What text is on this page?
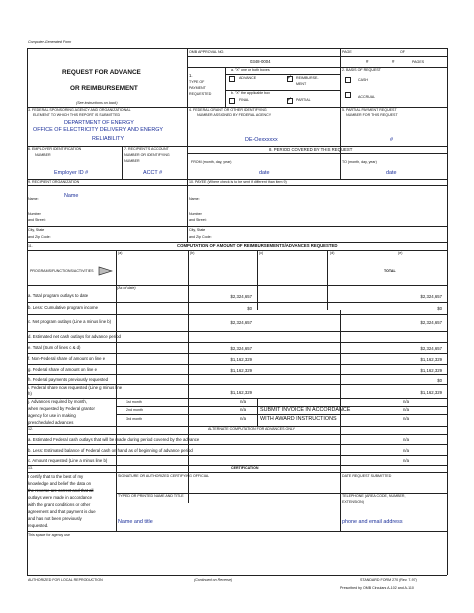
Computer-Generated Form
OMB APPROVAL NO.
0348-0004
PAGE	OF
#	#	PAGES
REQUEST FOR ADVANCE
OR REIMBURSEMENT
(See instructions on back)
1.
TYPE OF
PAYMENT
REQUESTED
a. "X" one or both boxes
ADVANCE	✓ REIMBURSE-
MENT
b. "X" the applicable box
FINAL	✓ PARTIAL
2. BASIS OF REQUEST
CASH
ACCRUAL
3. FEDERAL SPONSORING AGENCY AND ORGANIZATIONAL
ELEMENT TO WHICH THIS REPORT IS SUBMITTED
DEPARTMENT OF ENERGY
OFFICE OF ELECTRICITY DELIVERY AND ENERGY
RELIABILITY
4. FEDERAL GRANT OR OTHER IDENTIFYING
NUMBER ASSIGNED BY FEDERAL AGENCY
DE-Oexxxxxx
5. PARTIAL PAYMENT REQUEST
NUMBER FOR THIS REQUEST
#
6. EMPLOYER IDENTIFICATION
NUMBER
Employer ID #
7. RECIPIENT'S ACCOUNT
NUMBER OR IDENTIFYING
NUMBER
ACCT #
8. PERIOD COVERED BY THIS REQUEST
FROM (month, day, year)	TO (month, day, year)
date	date
9. RECIPIENT ORGANIZATION	10. PAYEE (Where check is to be sent if different than item 9)
Name:	Name
Number
and Street:
City, State
and Zip Code:
Name:
Number
and Street:
City, State
and Zip Code:
11.	COMPUTATION OF AMOUNT OF REIMBURSEMENTS/ADVANCES REQUESTED
(a)	(b)	(c)	(d)	(e)
PROGRAMS/FUNCTIONS/ACTIVITIES	TOTAL
(As of date)
a. Total program outlays to date	$2,324,657	$2,324,657
b. Less: Cumulative program income	$0	$0
c. Net program outlays (Line a minus line b)	$2,324,657	$2,324,657
d. Estimated net cash outlays for advance period
e. Total (Sum of lines c & d)	$2,324,657	$2,324,657
f. Non-Federal share of amount on line e	$1,162,329	$1,162,329
g. Federal share of amount on line e	$1,162,329	$1,162,329
h. Federal payments previously requested	$0
i. Federal share now requested (Line g minus line
h)	$1,162,329	$1,162,329
j. Advances required by month,
when requested by Federal grantor
agency for use in making
prescheduled advances
1st month	n/a	n/a
2nd month	n/a	SUBMIT INVOICE IN ACCORDANCE	n/a
3rd month	n/a	WITH AWARD INSTRUCTIONS	n/a
12.	ALTERNATE COMPUTATION FOR ADVANCES ONLY
a. Estimated Federal cash outlays that will be made during period covered by the advance	n/a
b. Less: Estimated balance of Federal cash on hand as of beginning of advance period	n/a
c. Amount requested (Line a minus line b)	n/a
13.	CERTIFICATION
I certify that to the best of my
knowledge and belief the data on
the reverse are correct and that all
outlays were made in accordance
with the grant conditions or other
agreement and that payment is due
and has not been previously
requested.
SIGNATURE OR AUTHORIZED CERTIFYING OFFICIAL	DATE REQUEST SUBMITTED
TYPED OR PRINTED NAME AND TITLE	TELEPHONE (AREA CODE, NUMBER,
EXTENSION)
Name and title	phone and email address
This space for agency use
AUTHORIZED FOR LOCAL REPRODUCTION	(Continued on Reverse)	STANDARD FORM 270 (Rev. 7-97)
Prescribed by OMB Circulars A-102 and A-110
